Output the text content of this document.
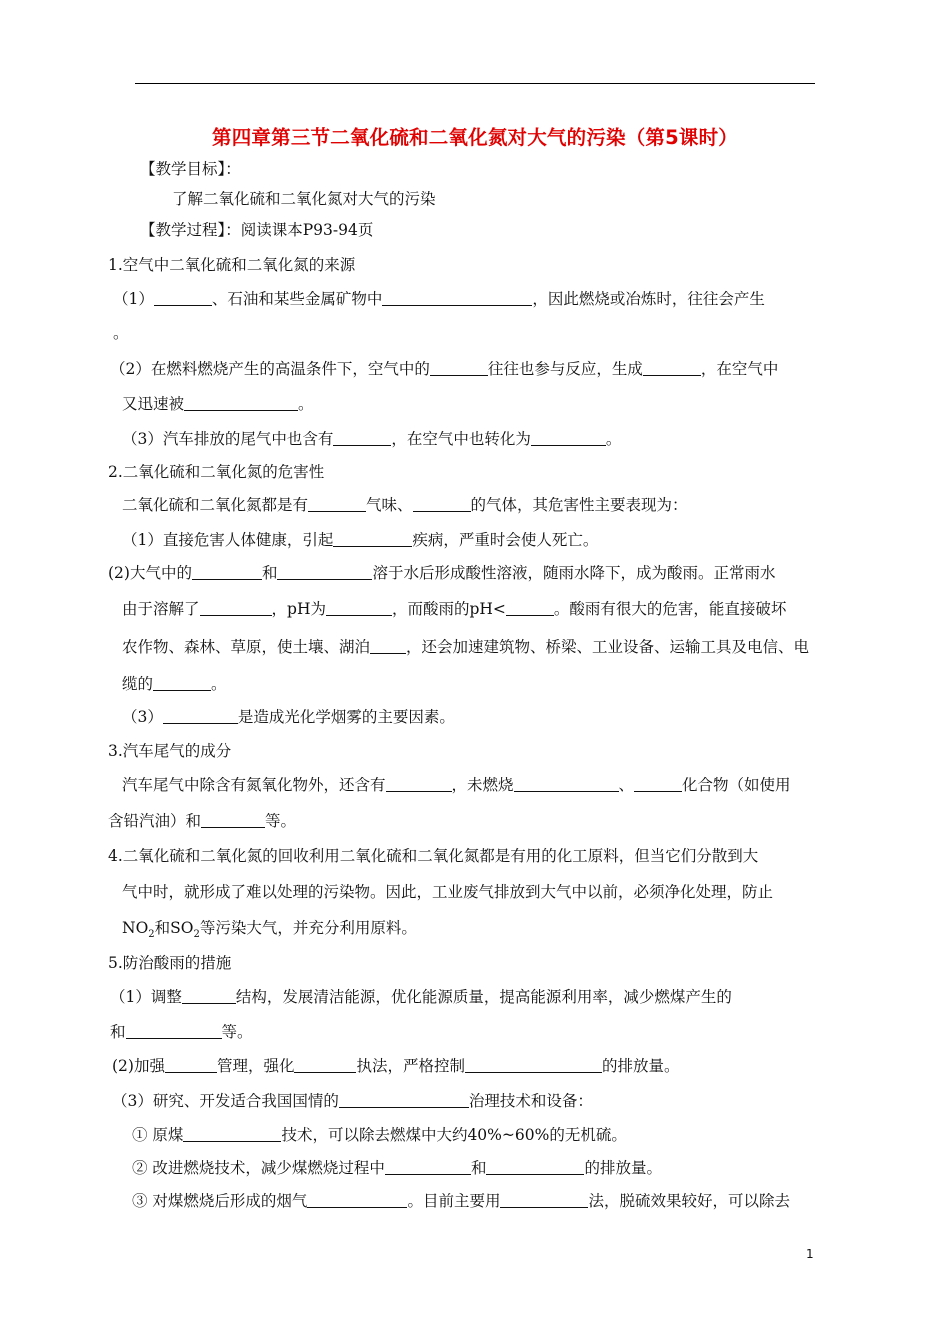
第四章第三节二氧化硫和二氧化氮对大气的污染（第5课时）
【教学目标】：
了解二氧化硫和二氧化氮对大气的污染
【教学过程】：阅读课本P93-94页
1.空气中二氧化硫和二氧化氮的来源
（1）	、石油和某些金属矿物中	，因此燃烧或冶炼时，往往会产生
。
（2）在燃料燃烧产生的高温条件下，空气中的	往往也参与反应，生成	，在空气中
又迅速被	。
（3）汽车排放的尾气中也含有	，在空气中也转化为	。
2.二氧化硫和二氧化氮的危害性
二氧化硫和二氧化氮都是有	气味、	的气体，其危害性主要表现为：
（1）直接危害人体健康，引起	疾病，严重时会使人死亡。
(2)大气中的	和	溶于水后形成酸性溶液，随雨水降下，成为酸雨。正常雨水
由于溶解了	，pH为	，而酸雨的pH<	。酸雨有很大的危害，能直接破坏
农作物、森林、草原，使土壤、湖泊 ，还会加速建筑物、桥梁、工业设备、运输工具及电信、电
缆的	。
（3）	是造成光化学烟雾的主要因素。
3.汽车尾气的成分
汽车尾气中除含有氮氧化物外，还含有	，未燃烧	、	化合物（如使用
含铅汽油）和	等。
4.二氧化硫和二氧化氮的回收利用二氧化硫和二氧化氮都是有用的化工原料，但当它们分散到大
气中时，就形成了难以处理的污染物。因此，工业废气排放到大气中以前，必须净化处理，防止
$NO_2$和$SO_2$等污染大气，并充分利用原料。
5.防治酸雨的措施
（1）调整	结构，发展清洁能源，优化能源质量，提高能源利用率，减少燃煤产生的
和	等。
(2)加强	管理，强化	执法，严格控制	的排放量。
（3）研究、开发适合我国国情的	治理技术和设备：
① 原煤	技术，可以除去燃煤中大约40%~60%的无机硫。
② 改进燃烧技术，减少煤燃烧过程中	和	的排放量。
③ 对煤燃烧后形成的烟气	。目前主要用	法，脱硫效果较好，可以除去
1
